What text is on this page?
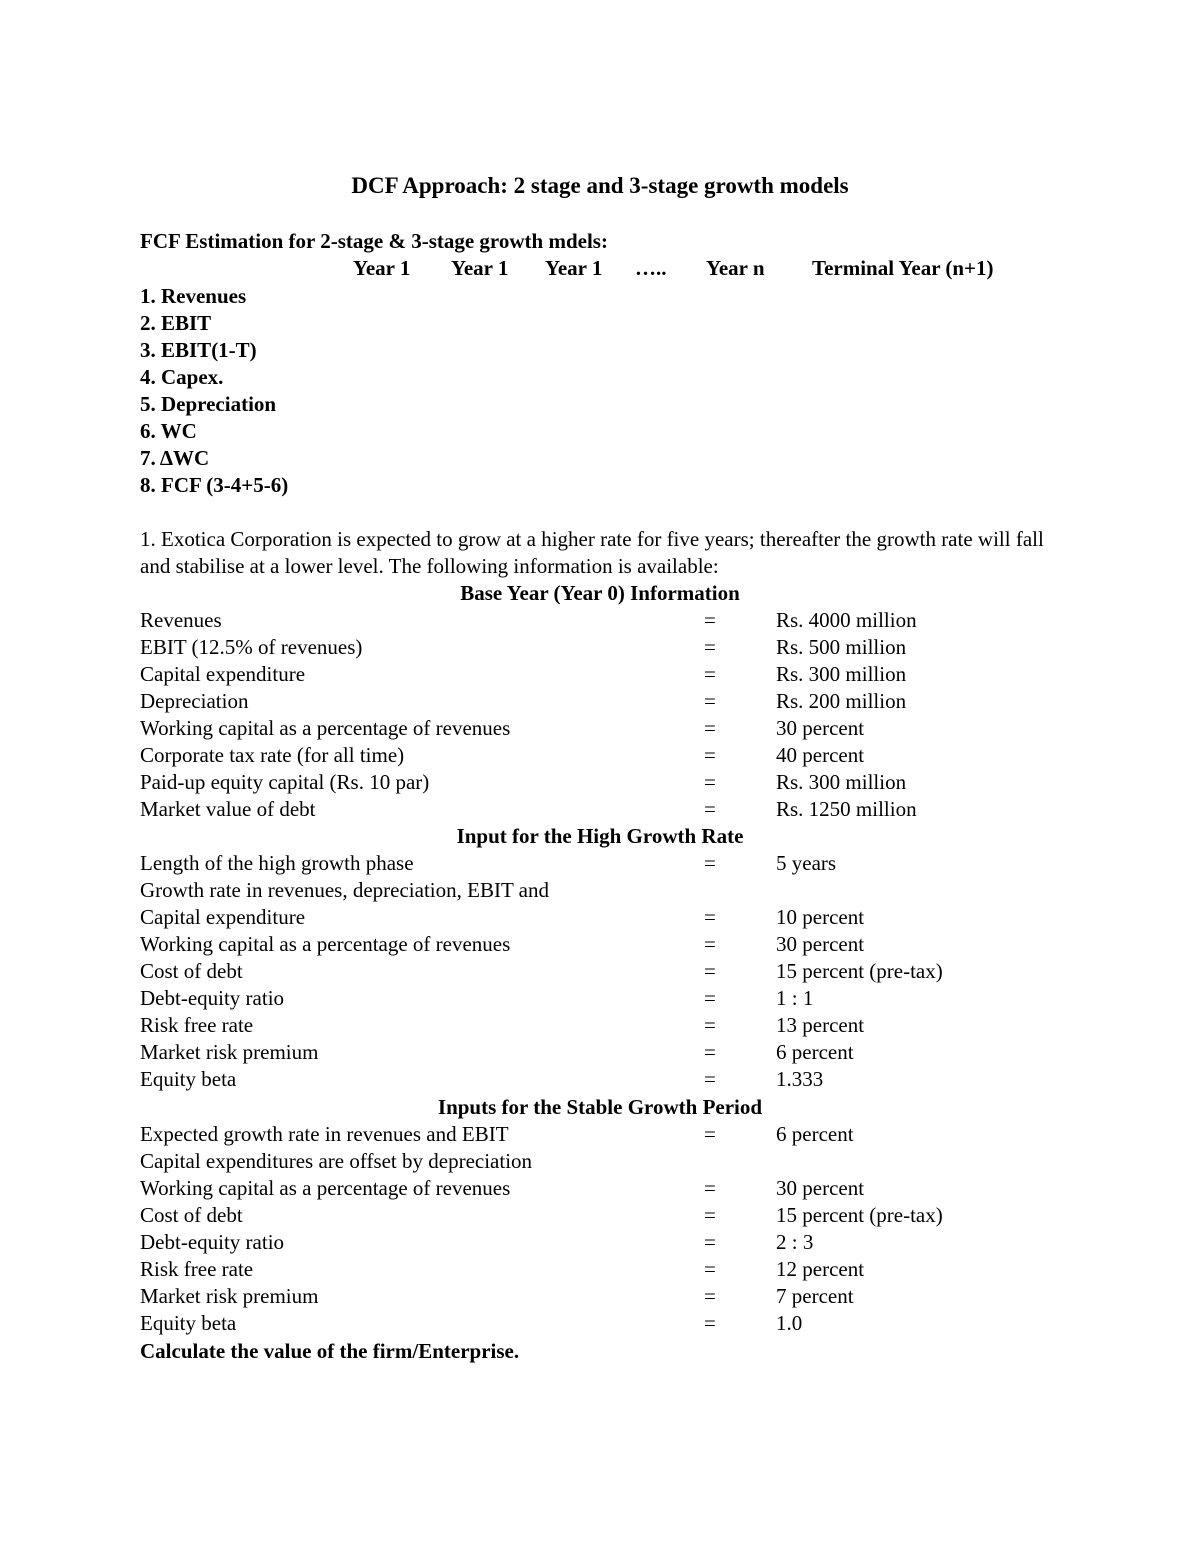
DCF Approach: 2 stage and 3-stage growth models
FCF Estimation for 2-stage & 3-stage growth mdels:
Year 1 Year 1 Year 1 ….. Year n Terminal Year (n+1)
1. Revenues
2. EBIT
3. EBIT(1-T)
4. Capex.
5. Depreciation
6. WC
7. ΔWC
8. FCF (3-4+5-6)
1. Exotica Corporation is expected to grow at a higher rate for five years; thereafter the growth rate will fall and stabilise at a lower level. The following information is available:
Base Year (Year 0) Information
Revenues	=	Rs. 4000 million
EBIT (12.5% of revenues)	=	Rs. 500 million
Capital expenditure	=	Rs. 300 million
Depreciation	=	Rs. 200 million
Working capital as a percentage of revenues	=	30 percent
Corporate tax rate (for all time)	=	40 percent
Paid-up equity capital (Rs. 10 par)	=	Rs. 300 million
Market value of debt	=	Rs. 1250 million
Input for the High Growth Rate
Length of the high growth phase	=	5 years
Growth rate in revenues, depreciation, EBIT and
Capital expenditure	=	10 percent
Working capital as a percentage of revenues	=	30 percent
Cost of debt	=	15 percent (pre-tax)
Debt-equity ratio	=	1 : 1
Risk free rate	=	13 percent
Market risk premium	=	6 percent
Equity beta	=	1.333
Inputs for the Stable Growth Period
Expected growth rate in revenues and EBIT	=	6 percent
Capital expenditures are offset by depreciation
Working capital as a percentage of revenues	=	30 percent
Cost of debt	=	15 percent (pre-tax)
Debt-equity ratio	=	2 : 3
Risk free rate	=	12 percent
Market risk premium	=	7 percent
Equity beta	=	1.0
Calculate the value of the firm/Enterprise.
